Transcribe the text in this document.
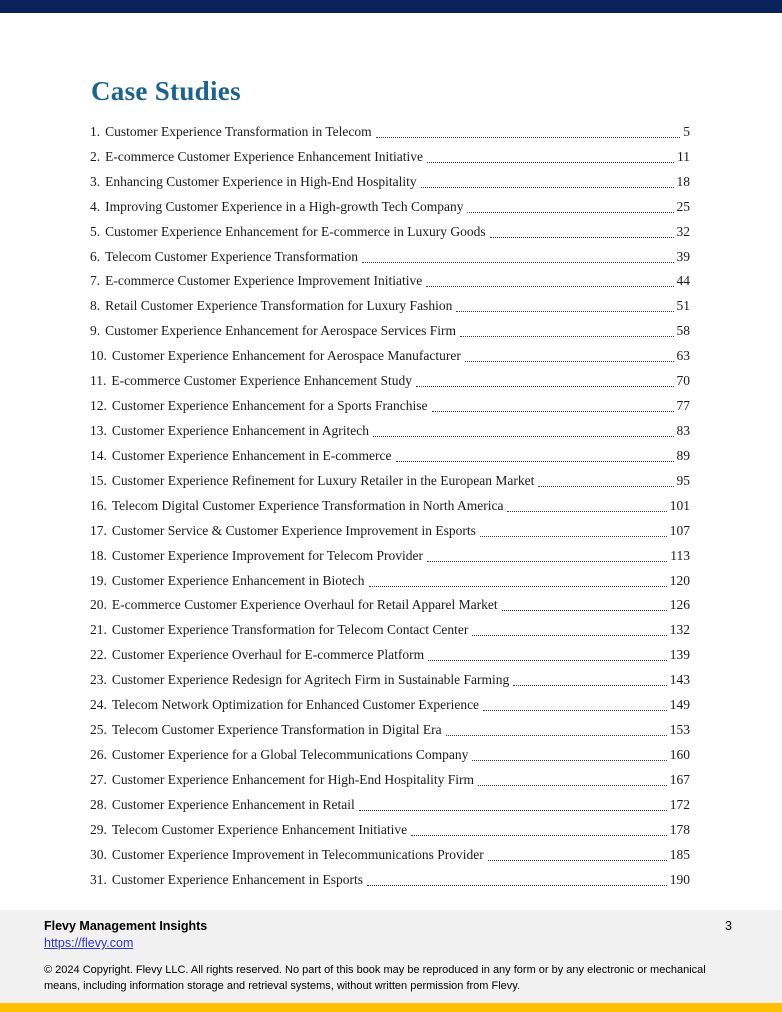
Case Studies
1. Customer Experience Transformation in Telecom	5
2. E-commerce Customer Experience Enhancement Initiative	11
3. Enhancing Customer Experience in High-End Hospitality	18
4. Improving Customer Experience in a High-growth Tech Company	25
5. Customer Experience Enhancement for E-commerce in Luxury Goods	32
6. Telecom Customer Experience Transformation	39
7. E-commerce Customer Experience Improvement Initiative	44
8. Retail Customer Experience Transformation for Luxury Fashion	51
9. Customer Experience Enhancement for Aerospace Services Firm	58
10. Customer Experience Enhancement for Aerospace Manufacturer	63
11. E-commerce Customer Experience Enhancement Study	70
12. Customer Experience Enhancement for a Sports Franchise	77
13. Customer Experience Enhancement in Agritech	83
14. Customer Experience Enhancement in E-commerce	89
15. Customer Experience Refinement for Luxury Retailer in the European Market	95
16. Telecom Digital Customer Experience Transformation in North America	101
17. Customer Service & Customer Experience Improvement in Esports	107
18. Customer Experience Improvement for Telecom Provider	113
19. Customer Experience Enhancement in Biotech	120
20. E-commerce Customer Experience Overhaul for Retail Apparel Market	126
21. Customer Experience Transformation for Telecom Contact Center	132
22. Customer Experience Overhaul for E-commerce Platform	139
23. Customer Experience Redesign for Agritech Firm in Sustainable Farming	143
24. Telecom Network Optimization for Enhanced Customer Experience	149
25. Telecom Customer Experience Transformation in Digital Era	153
26. Customer Experience for a Global Telecommunications Company	160
27. Customer Experience Enhancement for High-End Hospitality Firm	167
28. Customer Experience Enhancement in Retail	172
29. Telecom Customer Experience Enhancement Initiative	178
30. Customer Experience Improvement in Telecommunications Provider	185
31. Customer Experience Enhancement in Esports	190
Flevy Management Insights
https://flevy.com
3

© 2024 Copyright. Flevy LLC. All rights reserved. No part of this book may be reproduced in any form or by any electronic or mechanical means, including information storage and retrieval systems, without written permission from Flevy.
